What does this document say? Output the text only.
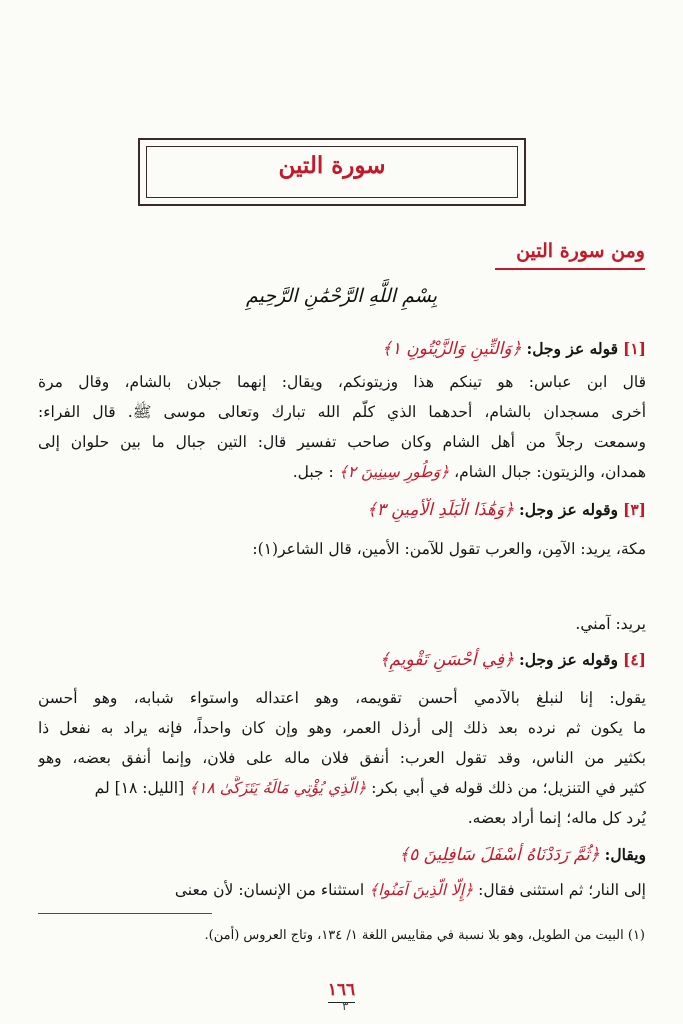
سورة التين
ومن سورة التين
بِسْمِ اللَّهِ الرَّحْمَٰنِ الرَّحِيمِ
[١] قوله عز وجل: ﴿وَالتِّينِ وَالزَّيْتُونِ ١﴾
قال ابن عباس: هو تينكم هذا وزيتونكم، ويقال: إنهما جبلان بالشام، وقال مرة
أخرى مسجدان بالشام، أحدهما الذي كلّم الله تبارك وتعالى موسى ﷺ. قال الفراء:
وسمعت رجلاً من أهل الشام وكان صاحب تفسير قال: التين جبال ما بين حلوان إلى
همدان، والزيتون: جبال الشام، ﴿وَطُورِ سِينِينَ ٢﴾ : جبل.
[٣] وقوله عز وجل: ﴿وَهَٰذَا الْبَلَدِ الْأَمِينِ ٣﴾
مكة، يريد: الآمِن، والعرب تقول للآمن: الأمين، قال الشاعر(١):
يريد: آمني.
[٤] وقوله عز وجل: ﴿فِي أَحْسَنِ تَقْوِيمٍ﴾
يقول: إنا لنبلغ بالآدمي أحسن تقويمه، وهو اعتداله واستواء شبابه، وهو أحسن
ما يكون ثم نرده بعد ذلك إلى أرذل العمر، وهو وإن كان واحداً، فإنه يراد به نفعل ذا
بكثير من الناس، وقد تقول العرب: أنفق فلان ماله على فلان، وإنما أنفق بعضه، وهو
كثير في التنزيل؛ من ذلك قوله في أبي بكر: ﴿الَّذِي يُؤْتِي مَالَهُ يَتَزَكَّىٰ ١٨﴾ [الليل: ١٨] لم
يُرد كل ماله؛ إنما أراد بعضه.
ويقال: ﴿ثُمَّ رَدَدْنَاهُ أَسْفَلَ سَافِلِينَ ٥﴾
إلى النار؛ ثم استثنى فقال: ﴿إِلَّا الَّذِينَ آمَنُوا﴾ استثناء من الإنسان: لأن معنى
(١) البيت من الطويل، وهو بلا نسبة في مقاييس اللغة ١/ ١٣٤، وتاج العروس (أمن).
١٦٦
٣
